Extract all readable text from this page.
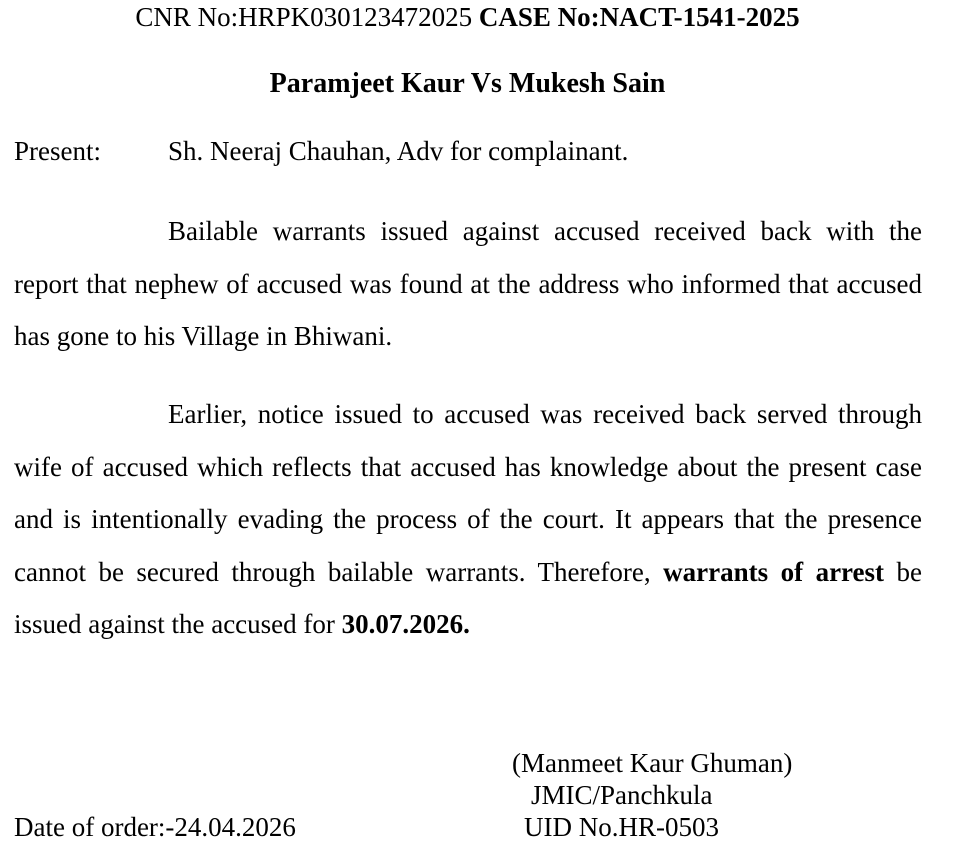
CNR No:HRPK030123472025 CASE No:NACT-1541-2025
Paramjeet Kaur Vs Mukesh Sain
Present: Sh. Neeraj Chauhan, Adv for complainant.

Bailable warrants issued against accused received back with the report that nephew of accused was found at the address who informed that accused has gone to his Village in Bhiwani.

Earlier, notice issued to accused was received back served through wife of accused which reflects that accused has knowledge about the present case and is intentionally evading the process of the court. It appears that the presence cannot be secured through bailable warrants. Therefore, warrants of arrest be issued against the accused for 30.07.2026.

(Manmeet Kaur Ghuman)
JMIC/Panchkula
UID No.HR-0503
Date of order:-24.04.2026
